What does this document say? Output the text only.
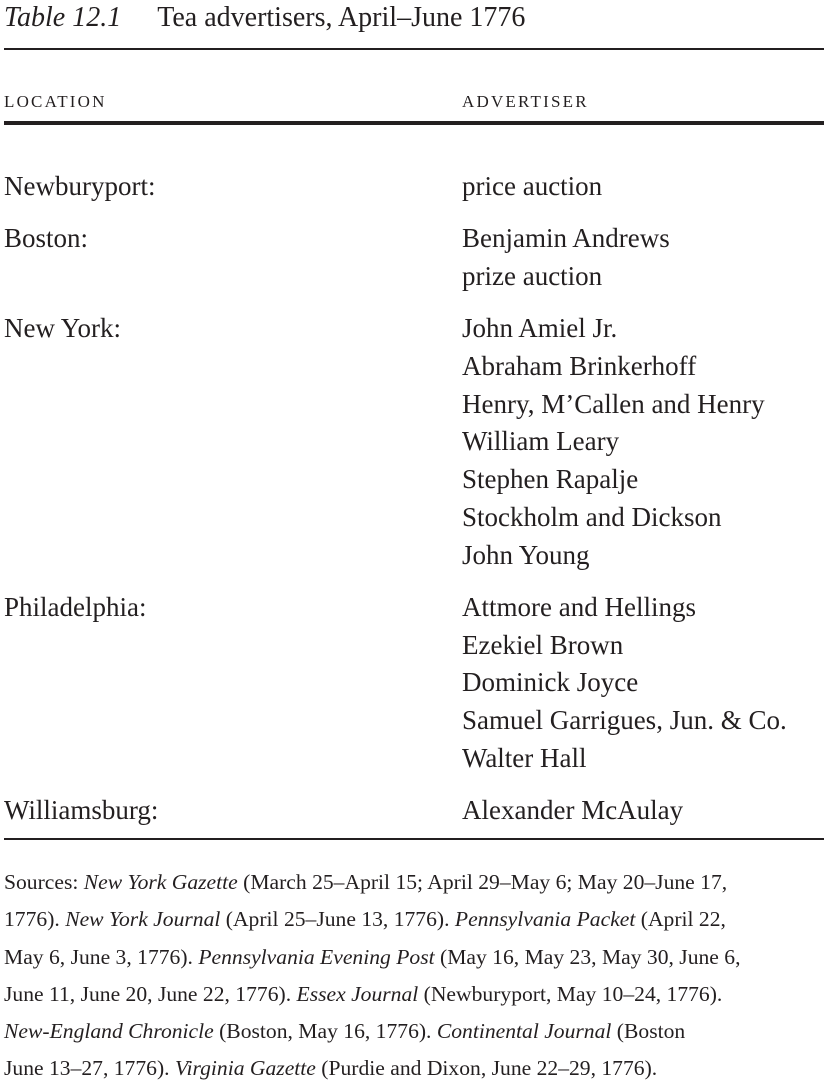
Table 12.1 Tea advertisers, April–June 1776
LOCATION	ADVERTISER
Newburyport:	price auction
Boston:	Benjamin Andrews
prize auction
New York:	John Amiel Jr.
Abraham Brinkerhoff
Henry, M’Callen and Henry
William Leary
Stephen Rapalje
Stockholm and Dickson
John Young
Philadelphia:	Attmore and Hellings
Ezekiel Brown
Dominick Joyce
Samuel Garrigues, Jun. & Co.
Walter Hall
Williamsburg:	Alexander McAulay
Sources: New York Gazette (March 25–April 15; April 29–May 6; May 20–June 17,
1776). New York Journal (April 25–June 13, 1776). Pennsylvania Packet (April 22,
May 6, June 3, 1776). Pennsylvania Evening Post (May 16, May 23, May 30, June 6,
June 11, June 20, June 22, 1776). Essex Journal (Newburyport, May 10–24, 1776).
New-England Chronicle (Boston, May 16, 1776). Continental Journal (Boston
June 13–27, 1776). Virginia Gazette (Purdie and Dixon, June 22–29, 1776).
